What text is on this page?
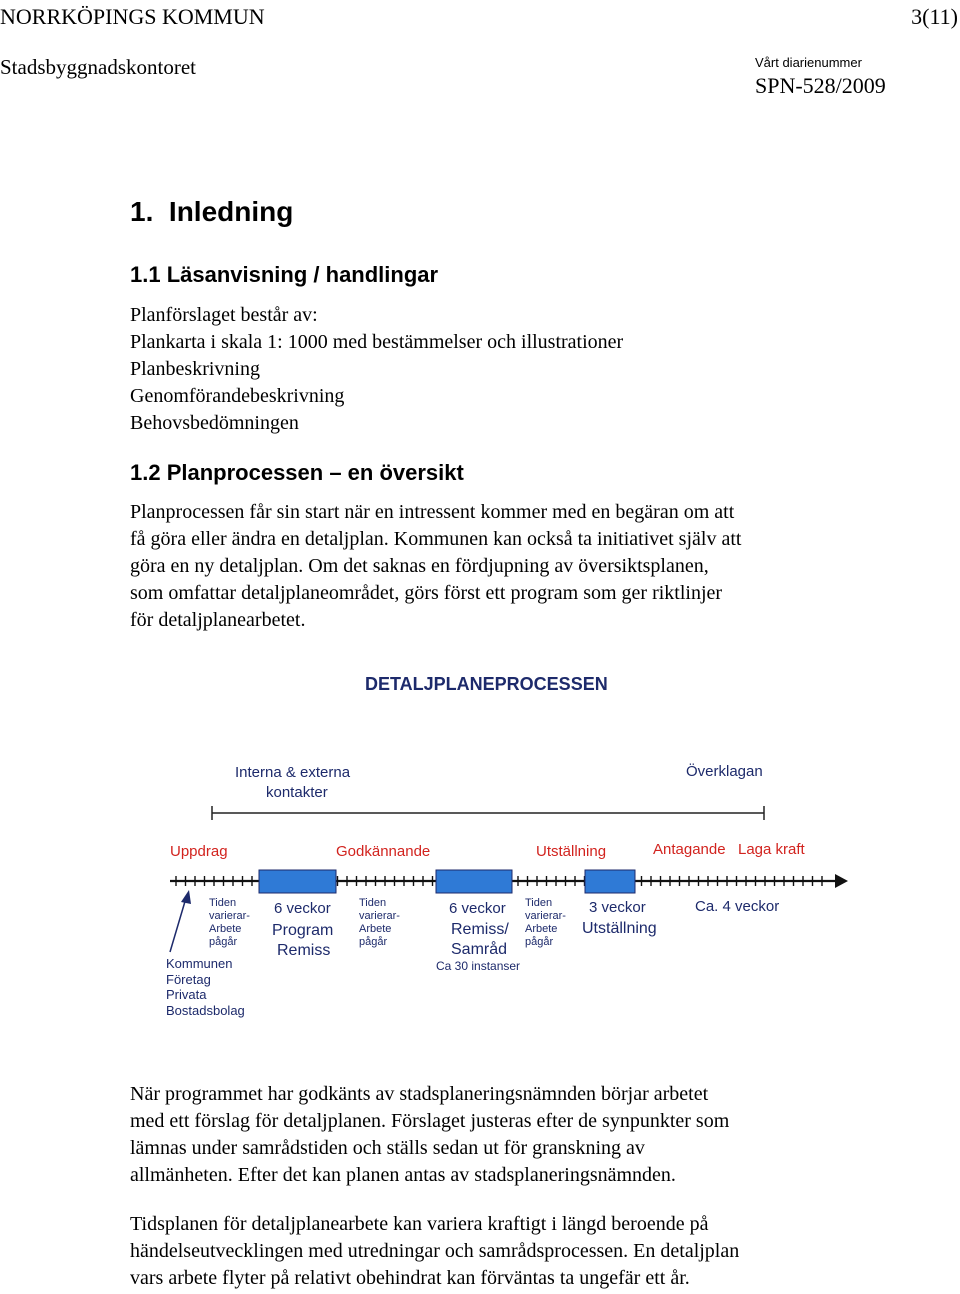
NORRKÖPINGS KOMMUN	3(11)
Stadsbyggnadskontoret	Vårt diarienummer
SPN-528/2009
1.  Inledning
1.1 Läsanvisning / handlingar
Planförslaget består av:
Plankarta i skala 1: 1000 med bestämmelser och illustrationer
Planbeskrivning
Genomförandebeskrivning
Behovsbedömningen
1.2 Planprocessen – en översikt
Planprocessen får sin start när en intressent kommer med en begäran om att
få göra eller ändra en detaljplan. Kommunen kan också ta initiativet själv att
göra en ny detaljplan. Om det saknas en fördjupning av översiktsplanen,
som omfattar detaljplaneområdet, görs först ett program som ger riktlinjer
för detaljplanearbetet.
DETALJPLANEPROCESSEN
Interna & externa
kontakter
Överklagan
Uppdrag	Godkännande	Utställning	Antagande Laga kraft
Tiden
varierar-
Arbete
pågår
Tiden
varierar-
Arbete
pågår
Tiden
varierar-
Arbete
pågår
6 veckor
Program
Remiss
6 veckor
Remiss/
Samråd
Ca 30 instanser
3 veckor
Utställning
Ca. 4 veckor
Kommunen
Företag
Privata
Bostadsbolag
När programmet har godkänts av stadsplaneringsnämnden börjar arbetet
med ett förslag för detaljplanen. Förslaget justeras efter de synpunkter som
lämnas under samrådstiden och ställs sedan ut för granskning av
allmänheten. Efter det kan planen antas av stadsplaneringsnämnden.
Tidsplanen för detaljplanearbete kan variera kraftigt i längd beroende på
händelseutvecklingen med utredningar och samrådsprocessen. En detaljplan
vars arbete flyter på relativt obehindrat kan förväntas ta ungefär ett år.
